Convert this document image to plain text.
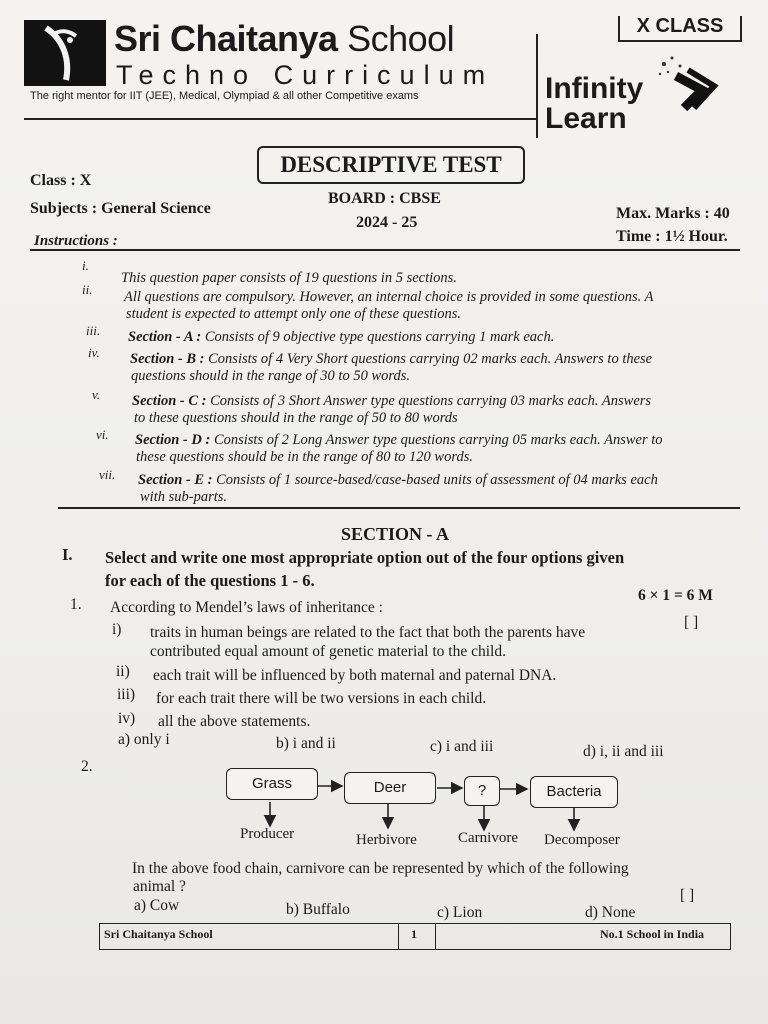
Sri Chaitanya School
Techno Curriculum
The right mentor for IIT (JEE), Medical, Olympiad & all other Competitive exams
X CLASS
Infinity
Learn
DESCRIPTIVE TEST
Class : X
Subjects : General Science
BOARD : CBSE
2024 - 25
Max. Marks : 40
Time : 1½ Hour.
Instructions :
i.
This question paper consists of 19 questions in 5 sections.
ii. All questions are compulsory. However, an internal choice is provided in some questions. A
student is expected to attempt only one of these questions.
iii. Section - A : Consists of 9 objective type questions carrying 1 mark each.
iv. Section - B : Consists of 4 Very Short questions carrying 02 marks each. Answers to these
questions should in the range of 30 to 50 words.
v. Section - C : Consists of 3 Short Answer type questions carrying 03 marks each. Answers
to these questions should in the range of 50 to 80 words
vi. Section - D : Consists of 2 Long Answer type questions carrying 05 marks each. Answer to
these questions should be in the range of 80 to 120 words.
vii. Section - E : Consists of 1 source-based/case-based units of assessment of 04 marks each
with sub-parts.
SECTION - A
I. Select and write one most appropriate option out of the four options given
for each of the questions 1 - 6.
6 × 1 = 6 M
1. According to Mendel’s laws of inheritance :
[ ]
i) traits in human beings are related to the fact that both the parents have
contributed equal amount of genetic material to the child.
ii) each trait will be influenced by both maternal and paternal DNA.
iii) for each trait there will be two versions in each child.
iv) all the above statements.
a) only i	b) i and ii	c) i and iii	d) i, ii and iii
2.
Grass	Deer	?	Bacteria
Producer	Herbivore	Carnivore Decomposer
In the above food chain, carnivore can be represented by which of the following
animal ?
[ ]
a) Cow	b) Buffalo	c) Lion	d) None
Sri Chaitanya School	1	No.1 School in India
